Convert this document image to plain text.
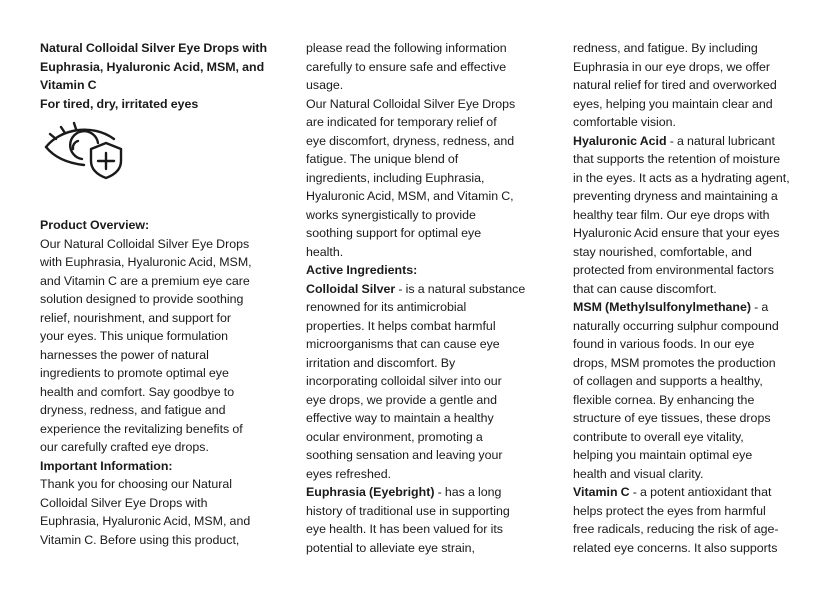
Natural Colloidal Silver Eye Drops with
Euphrasia, Hyaluronic Acid, MSM, and
Vitamin C
For tired, dry, irritated eyes
Product Overview:
Our Natural Colloidal Silver Eye Drops
with Euphrasia, Hyaluronic Acid, MSM,
and Vitamin C are a premium eye care
solution designed to provide soothing
relief, nourishment, and support for
your eyes. This unique formulation
harnesses the power of natural
ingredients to promote optimal eye
health and comfort. Say goodbye to
dryness, redness, and fatigue and
experience the revitalizing benefits of
our carefully crafted eye drops.
Important Information:
Thank you for choosing our Natural
Colloidal Silver Eye Drops with
Euphrasia, Hyaluronic Acid, MSM, and
Vitamin C. Before using this product,
please read the following information
carefully to ensure safe and effective
usage.
Our Natural Colloidal Silver Eye Drops
are indicated for temporary relief of
eye discomfort, dryness, redness, and
fatigue. The unique blend of
ingredients, including Euphrasia,
Hyaluronic Acid, MSM, and Vitamin C,
works synergistically to provide
soothing support for optimal eye
health.
Active Ingredients:
Colloidal Silver - is a natural substance
renowned for its antimicrobial
properties. It helps combat harmful
microorganisms that can cause eye
irritation and discomfort. By
incorporating colloidal silver into our
eye drops, we provide a gentle and
effective way to maintain a healthy
ocular environment, promoting a
soothing sensation and leaving your
eyes refreshed.
Euphrasia (Eyebright) - has a long
history of traditional use in supporting
eye health. It has been valued for its
potential to alleviate eye strain,
redness, and fatigue. By including
Euphrasia in our eye drops, we offer
natural relief for tired and overworked
eyes, helping you maintain clear and
comfortable vision.
Hyaluronic Acid - a natural lubricant
that supports the retention of moisture
in the eyes. It acts as a hydrating agent,
preventing dryness and maintaining a
healthy tear film. Our eye drops with
Hyaluronic Acid ensure that your eyes
stay nourished, comfortable, and
protected from environmental factors
that can cause discomfort.
MSM (Methylsulfonylmethane) - a
naturally occurring sulphur compound
found in various foods. In our eye
drops, MSM promotes the production
of collagen and supports a healthy,
flexible cornea. By enhancing the
structure of eye tissues, these drops
contribute to overall eye vitality,
helping you maintain optimal eye
health and visual clarity.
Vitamin C - a potent antioxidant that
helps protect the eyes from harmful
free radicals, reducing the risk of age-
related eye concerns. It also supports
